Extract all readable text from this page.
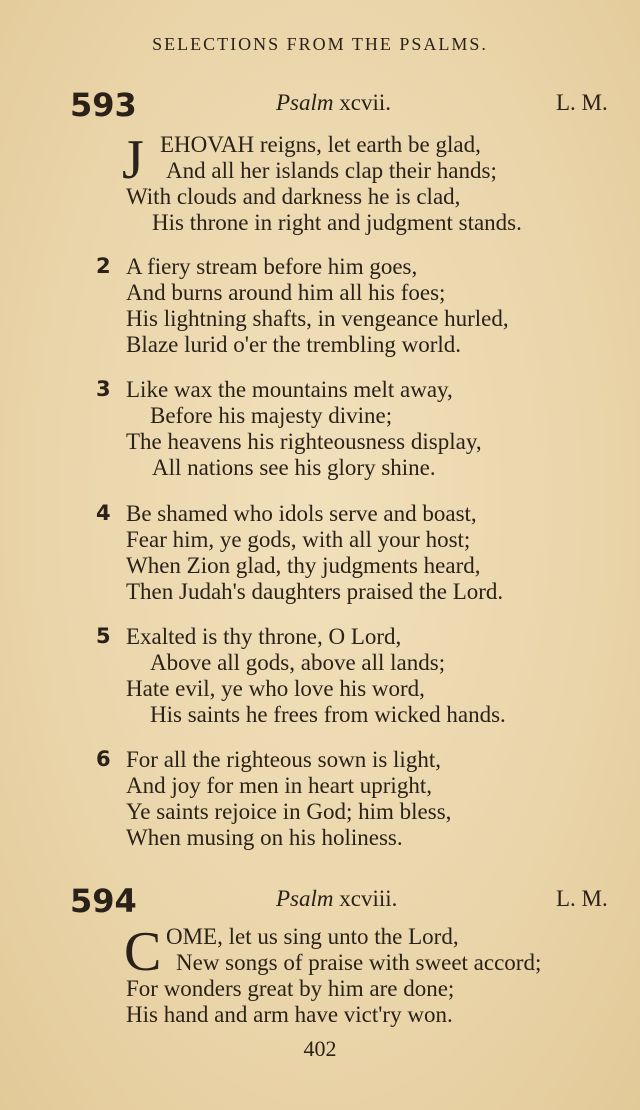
SELECTIONS FROM THE PSALMS.
593	Psalm xcvii.	L. M.
J EHOVAH reigns, let earth be glad,
And all her islands clap their hands;
With clouds and darkness he is clad,
His throne in right and judgment stands.
2 A fiery stream before him goes,
And burns around him all his foes;
His lightning shafts, in vengeance hurled,
Blaze lurid o'er the trembling world.
3 Like wax the mountains melt away,
Before his majesty divine;
The heavens his righteousness display,
All nations see his glory shine.
4 Be shamed who idols serve and boast,
Fear him, ye gods, with all your host;
When Zion glad, thy judgments heard,
Then Judah's daughters praised the Lord.
5 Exalted is thy throne, O Lord,
Above all gods, above all lands;
Hate evil, ye who love his word,
His saints he frees from wicked hands.
6 For all the righteous sown is light,
And joy for men in heart upright,
Ye saints rejoice in God; him bless,
When musing on his holiness.
594	Psalm xcviii.	L. M.
C OME, let us sing unto the Lord,
New songs of praise with sweet accord;
For wonders great by him are done;
His hand and arm have vict'ry won.
402
